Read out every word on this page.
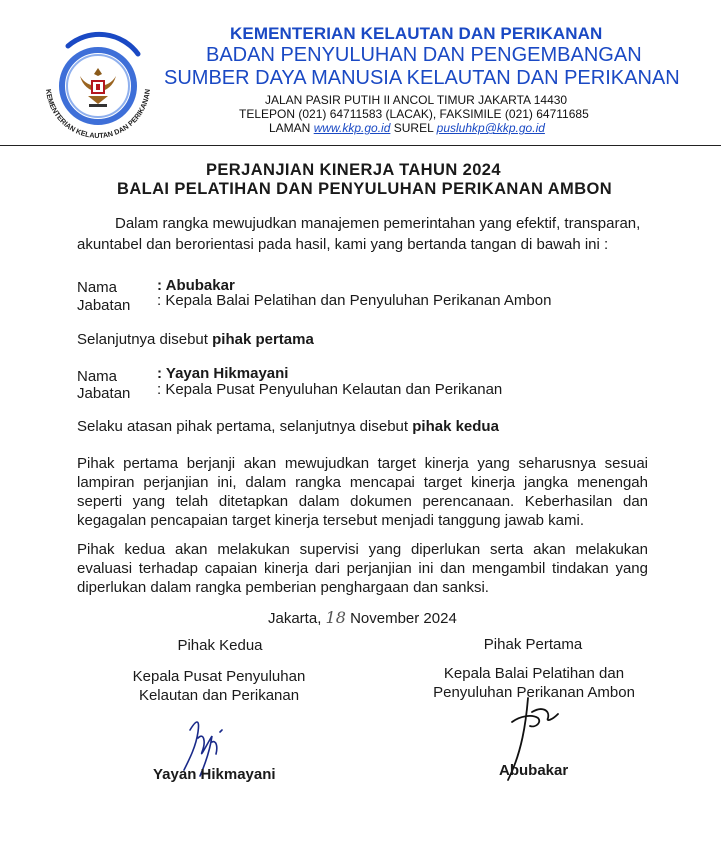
KEMENTERIAN KELAUTAN DAN PERIKANAN
KEMENTERIAN KELAUTAN DAN PERIKANAN
BADAN PENYULUHAN DAN PENGEMBANGAN
SUMBER DAYA MANUSIA KELAUTAN DAN PERIKANAN
JALAN PASIR PUTIH II ANCOL TIMUR JAKARTA 14430
TELEPON (021) 64711583 (LACAK), FAKSIMILE (021) 64711685
LAMAN www.kkp.go.id SUREL pusluhkp@kkp.go.id
PERJANJIAN KINERJA TAHUN 2024
BALAI PELATIHAN DAN PENYULUHAN PERIKANAN AMBON
Dalam rangka mewujudkan manajemen pemerintahan yang efektif, transparan,
akuntabel dan berorientasi pada hasil, kami yang bertanda tangan di bawah ini :
Nama	: Abubakar
Jabatan : Kepala Balai Pelatihan dan Penyuluhan Perikanan Ambon
Selanjutnya disebut pihak pertama
Nama	: Yayan Hikmayani
Jabatan : Kepala Pusat Penyuluhan Kelautan dan Perikanan
Selaku atasan pihak pertama, selanjutnya disebut pihak kedua
Pihak pertama berjanji akan mewujudkan target kinerja yang seharusnya sesuai
lampiran perjanjian ini, dalam rangka mencapai target kinerja jangka menengah
seperti yang telah ditetapkan dalam dokumen perencanaan. Keberhasilan dan
kegagalan pencapaian target kinerja tersebut menjadi tanggung jawab kami.
Pihak kedua akan melakukan supervisi yang diperlukan serta akan melakukan
evaluasi terhadap capaian kinerja dari perjanjian ini dan mengambil tindakan yang
diperlukan dalam rangka pemberian penghargaan dan sanksi.
Jakarta, 18 November 2024
Pihak Kedua
Kepala Pusat Penyuluhan
Kelautan dan Perikanan
Yayan Hikmayani
Pihak Pertama
Kepala Balai Pelatihan dan
Penyuluhan Perikanan Ambon
Abubakar
